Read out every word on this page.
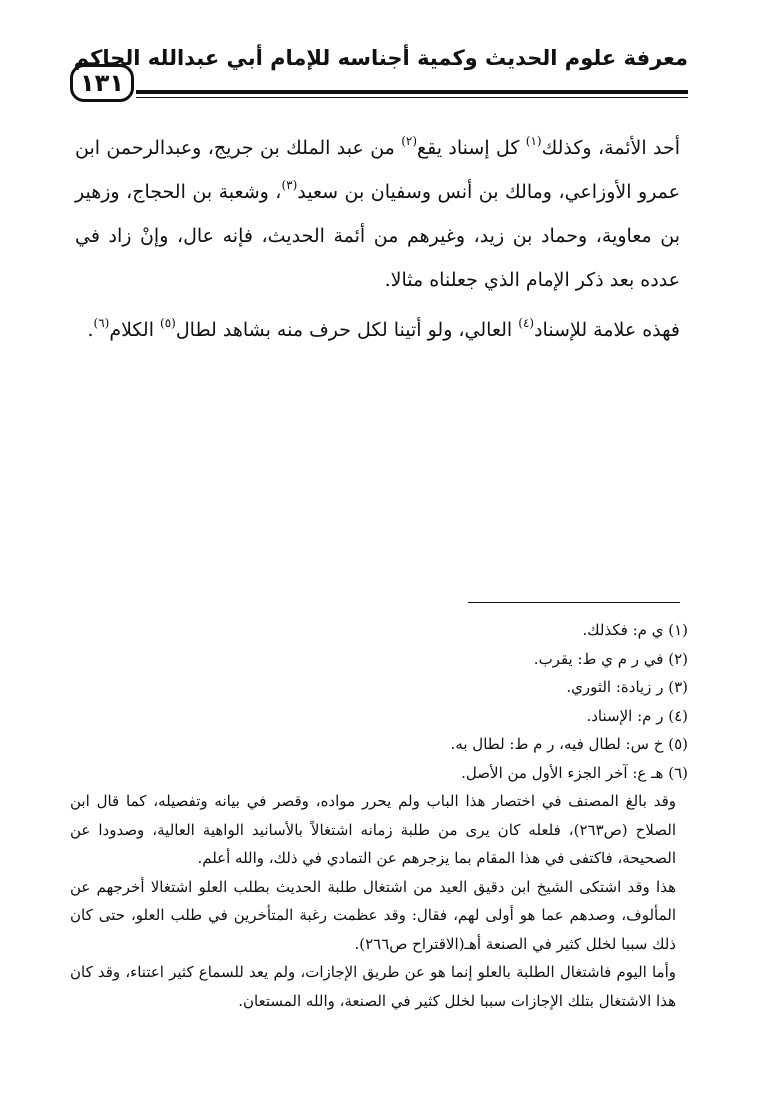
١٣١
معرفة علوم الحديث وكمية أجناسه للإمام أبي عبدالله الحاكم

أحد الأئمة، وكذلك$^{(١)}$ كل إسناد يقع$^{(٢)}$ من عبد الملك بن جريج، وعبدالرحمن ابن عمرو الأوزاعي، ومالك بن أنس وسفيان بن سعيد$^{(٣)}$، وشعبة بن الحجاج، وزهير بن معاوية، وحماد بن زيد، وغيرهم من أئمة الحديث، فإنه عال، وإنْ زاد في عدده بعد ذكر الإمام الذي جعلناه مثالا.

فهذه علامة للإسناد$^{(٤)}$ العالي، ولو أتينا لكل حرف منه بشاهد لطال$^{(٥)}$ الكلام$^{(٦)}$.

(١) ي م: فكذلك.

(٢) في ر م ي ط: يقرب.

(٣) ر زيادة: الثوري.

(٤) ر م: الإسناد.

(٥) خ س: لطال فيه، ر م ط: لطال به.

(٦) هـ ع: آخر الجزء الأول من الأصل.

وقد بالغ المصنف في اختصار هذا الباب ولم يحرر مواده، وقصر في بيانه وتفصيله، كما قال ابن الصلاح (ص٢٦٣)، فلعله كان يرى من طلبة زمانه اشتغالاً بالأسانيد الواهية العالية، وصدودا عن الصحيحة، فاكتفى في هذا المقام بما يزجرهم عن التمادي في ذلك، والله أعلم.

هذا وقد اشتكى الشيخ ابن دقيق العيد من اشتغال طلبة الحديث بطلب العلو اشتغالا أخرجهم عن المألوف، وصدهم عما هو أولى لهم، فقال: وقد عظمت رغبة المتأخرين في طلب العلو، حتى كان ذلك سببا لخلل كثير في الصنعة أهـ(الاقتراح ص٢٦٦).

وأما اليوم فاشتغال الطلبة بالعلو إنما هو عن طريق الإجازات، ولم يعد للسماع كثير اعتناء، وقد كان هذا الاشتغال بتلك الإجازات سببا لخلل كثير في الصنعة، والله المستعان.
